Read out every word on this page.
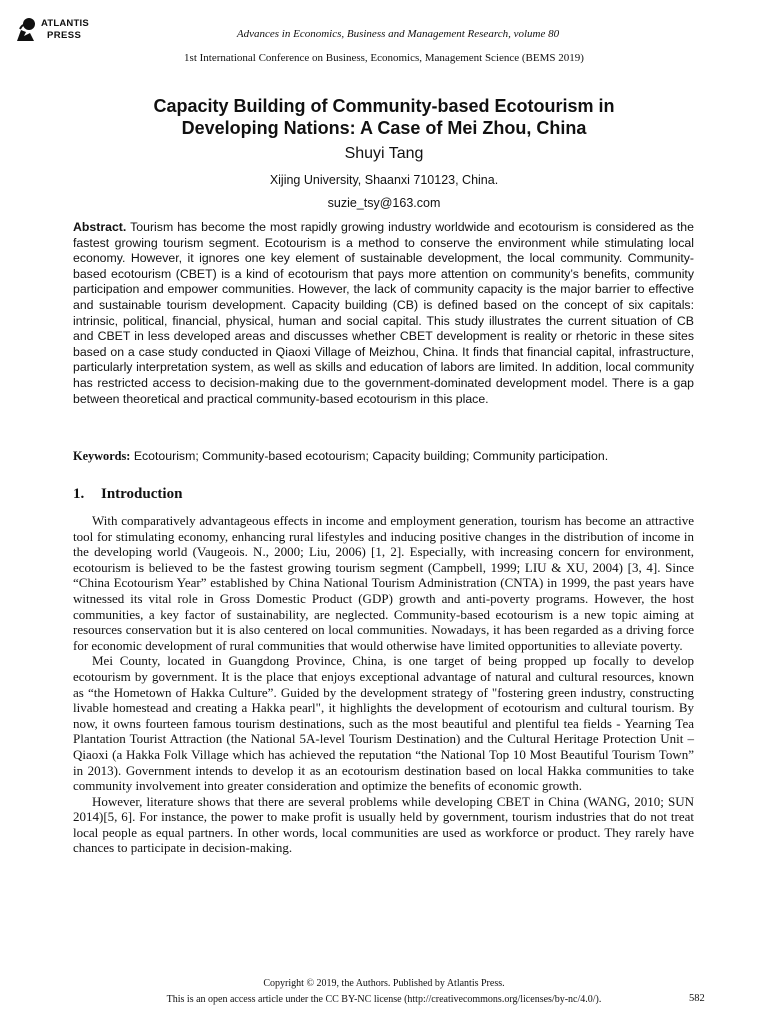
ATLANTIS
PRESS	Advances in Economics, Business and Management Research, volume 80
1st International Conference on Business, Economics, Management Science (BEMS 2019)
Capacity Building of Community-based Ecotourism in
Developing Nations: A Case of Mei Zhou, China
Shuyi Tang
Xijing University, Shaanxi 710123, China.
suzie_tsy@163.com

Abstract. Tourism has become the most rapidly growing industry worldwide and ecotourism is considered as the fastest growing tourism segment. Ecotourism is a method to conserve the environment while stimulating local economy. However, it ignores one key element of sustainable development, the local community. Community-based ecotourism (CBET) is a kind of ecotourism that pays more attention on community’s benefits, community participation and empower communities. However, the lack of community capacity is the major barrier to effective and sustainable tourism development. Capacity building (CB) is defined based on the concept of six capitals: intrinsic, political, financial, physical, human and social capital. This study illustrates the current situation of CB and CBET in less developed areas and discusses whether CBET development is reality or rhetoric in these sites based on a case study conducted in Qiaoxi Village of Meizhou, China. It finds that financial capital, infrastructure, particularly interpretation system, as well as skills and education of labors are limited. In addition, local community has restricted access to decision-making due to the government-dominated development model. There is a gap between theoretical and practical community-based ecotourism in this place.

Keywords: Ecotourism; Community-based ecotourism; Capacity building; Community participation.

1. Introduction

With comparatively advantageous effects in income and employment generation, tourism has become an attractive tool for stimulating economy, enhancing rural lifestyles and inducing positive changes in the distribution of income in the developing world (Vaugeois. N., 2000; Liu, 2006) [1, 2]. Especially, with increasing concern for environment, ecotourism is believed to be the fastest growing tourism segment (Campbell, 1999; LIU & XU, 2004) [3, 4]. Since “China Ecotourism Year” established by China National Tourism Administration (CNTA) in 1999, the past years have witnessed its vital role in Gross Domestic Product (GDP) growth and anti-poverty programs. However, the host communities, a key factor of sustainability, are neglected. Community-based ecotourism is a new topic aiming at resources conservation but it is also centered on local communities. Nowadays, it has been regarded as a driving force for economic development of rural communities that would otherwise have limited opportunities to alleviate poverty.

Mei County, located in Guangdong Province, China, is one target of being propped up focally to develop ecotourism by government. It is the place that enjoys exceptional advantage of natural and cultural resources, known as “the Hometown of Hakka Culture”. Guided by the development strategy of "fostering green industry, constructing livable homestead and creating a Hakka pearl", it highlights the development of ecotourism and cultural tourism. By now, it owns fourteen famous tourism destinations, such as the most beautiful and plentiful tea fields - Yearning Tea Plantation Tourist Attraction (the National 5A-level Tourism Destination) and the Cultural Heritage Protection Unit – Qiaoxi (a Hakka Folk Village which has achieved the reputation “the National Top 10 Most Beautiful Tourism Town” in 2013). Government intends to develop it as an ecotourism destination based on local Hakka communities to take community involvement into greater consideration and optimize the benefits of economic growth.

However, literature shows that there are several problems while developing CBET in China (WANG, 2010; SUN 2014)[5, 6]. For instance, the power to make profit is usually held by government, tourism industries that do not treat local people as equal partners. In other words, local communities are used as workforce or product. They rarely have chances to participate in decision-making.

Copyright © 2019, the Authors. Published by Atlantis Press.
This is an open access article under the CC BY-NC license (http://creativecommons.org/licenses/by-nc/4.0/).	582
